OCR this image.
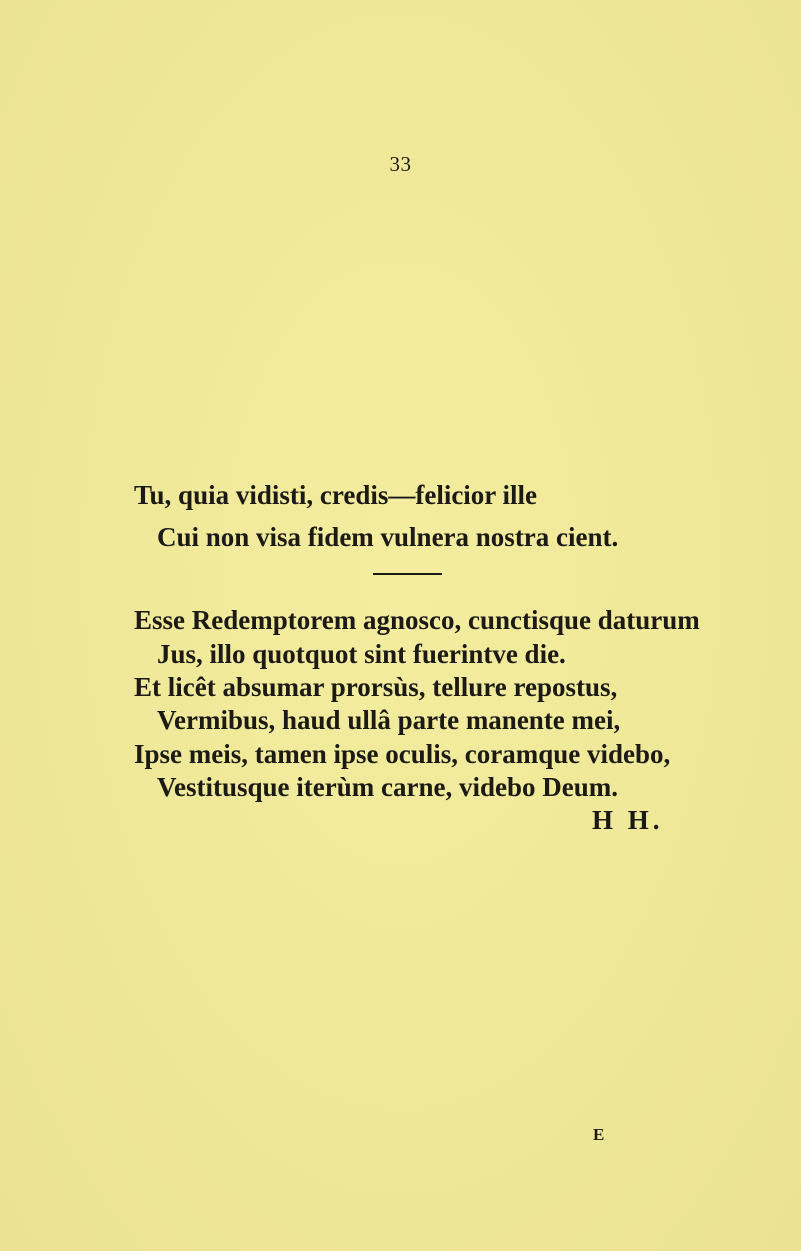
33
Tu, quia vidisti, credis—felicior ille
Cui non visa fidem vulnera nostra cient.
Esse Redemptorem agnosco, cunctisque daturum
Jus, illo quotquot sint fuerintve die.
Et licêt absumar prorsùs, tellure repostus,
Vermibus, haud ullâ parte manente mei,
Ipse meis, tamen ipse oculis, coramque videbo,
Vestitusque iterùm carne, videbo Deum.
H H.
E
